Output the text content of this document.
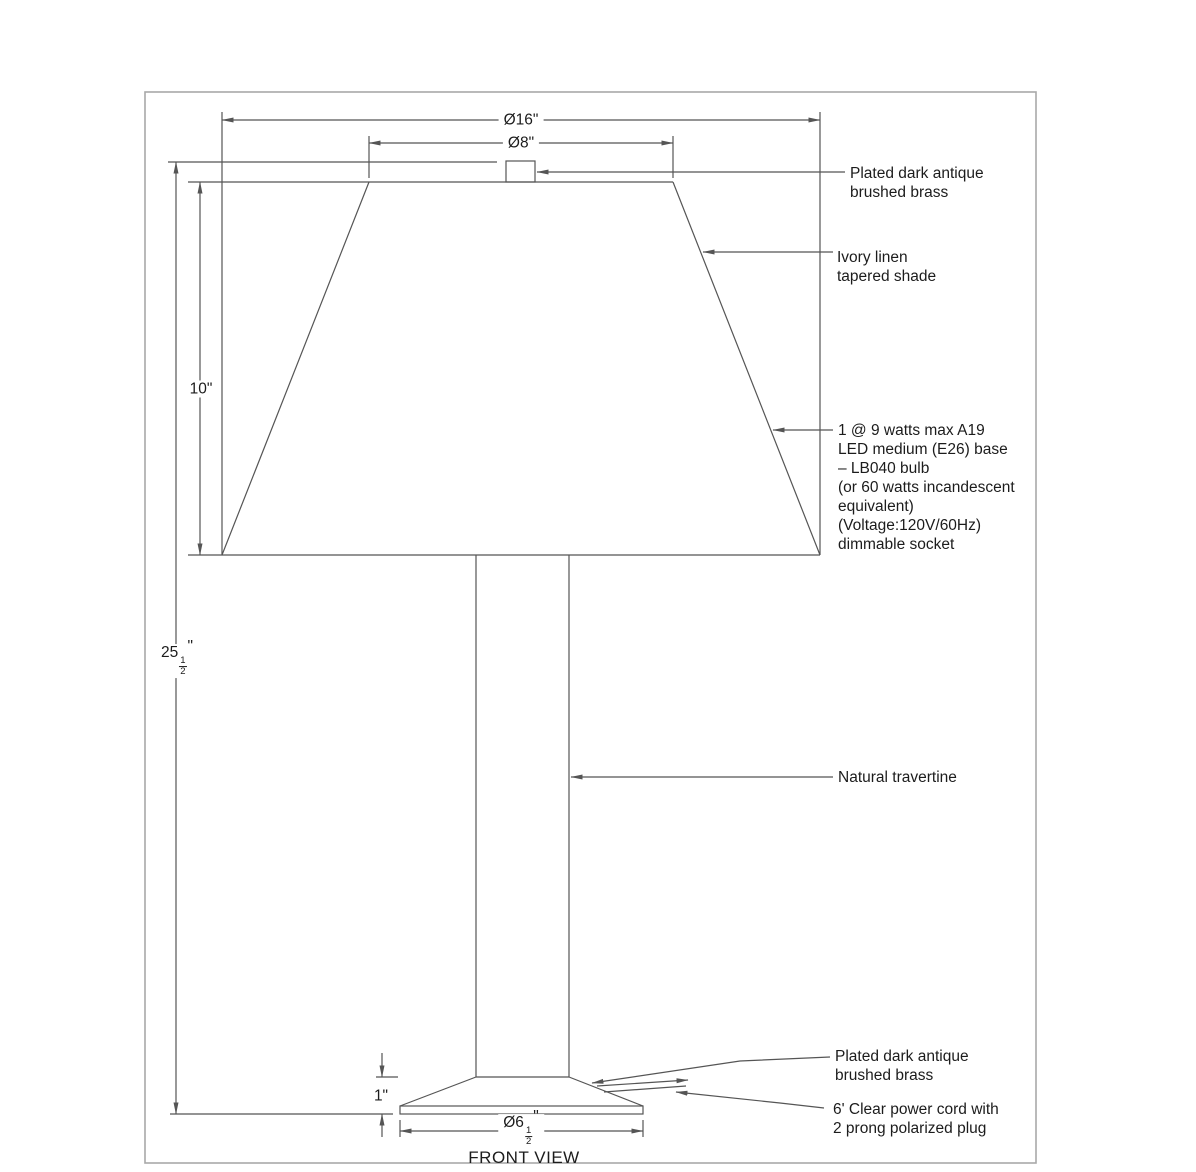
Ø16"
Ø8"
10"
25
$\frac{1}{2}$
"
1"
Ø6
$\frac{1}{2}$
"
Plated dark antique
brushed brass
Ivory linen
tapered shade
1 @ 9 watts max A19
LED medium (E26) base
– LB040 bulb
(or 60 watts incandescent
equivalent)
(Voltage:120V/60Hz)
dimmable socket
Natural travertine
Plated dark antique
brushed brass
6' Clear power cord with
2 prong polarized plug
FRONT VIEW
